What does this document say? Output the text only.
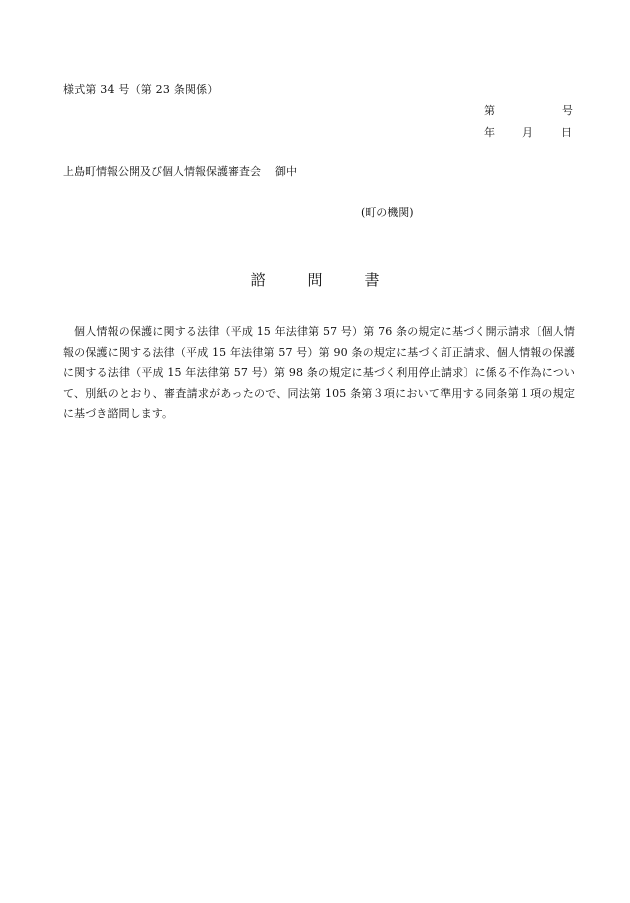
様式第 34 号（第 23 条関係）
第	号
年 月	日
上島町情報公開及び個人情報保護審査会 御中
(町の機関)
諮	問	書
個人情報の保護に関する法律（平成 15 年法律第 57 号）第 76 条の規定に基づく開示請求〔個人情報の保護に関する法律（平成 15 年法律第 57 号）第 90 条の規定に基づく訂正請求、個人情報の保護に関する法律（平成 15 年法律第 57 号）第 98 条の規定に基づく利用停止請求〕に係る不作為について、別紙のとおり、審査請求があったので、同法第 105 条第３項において準用する同条第１項の規定に基づき諮問します。
